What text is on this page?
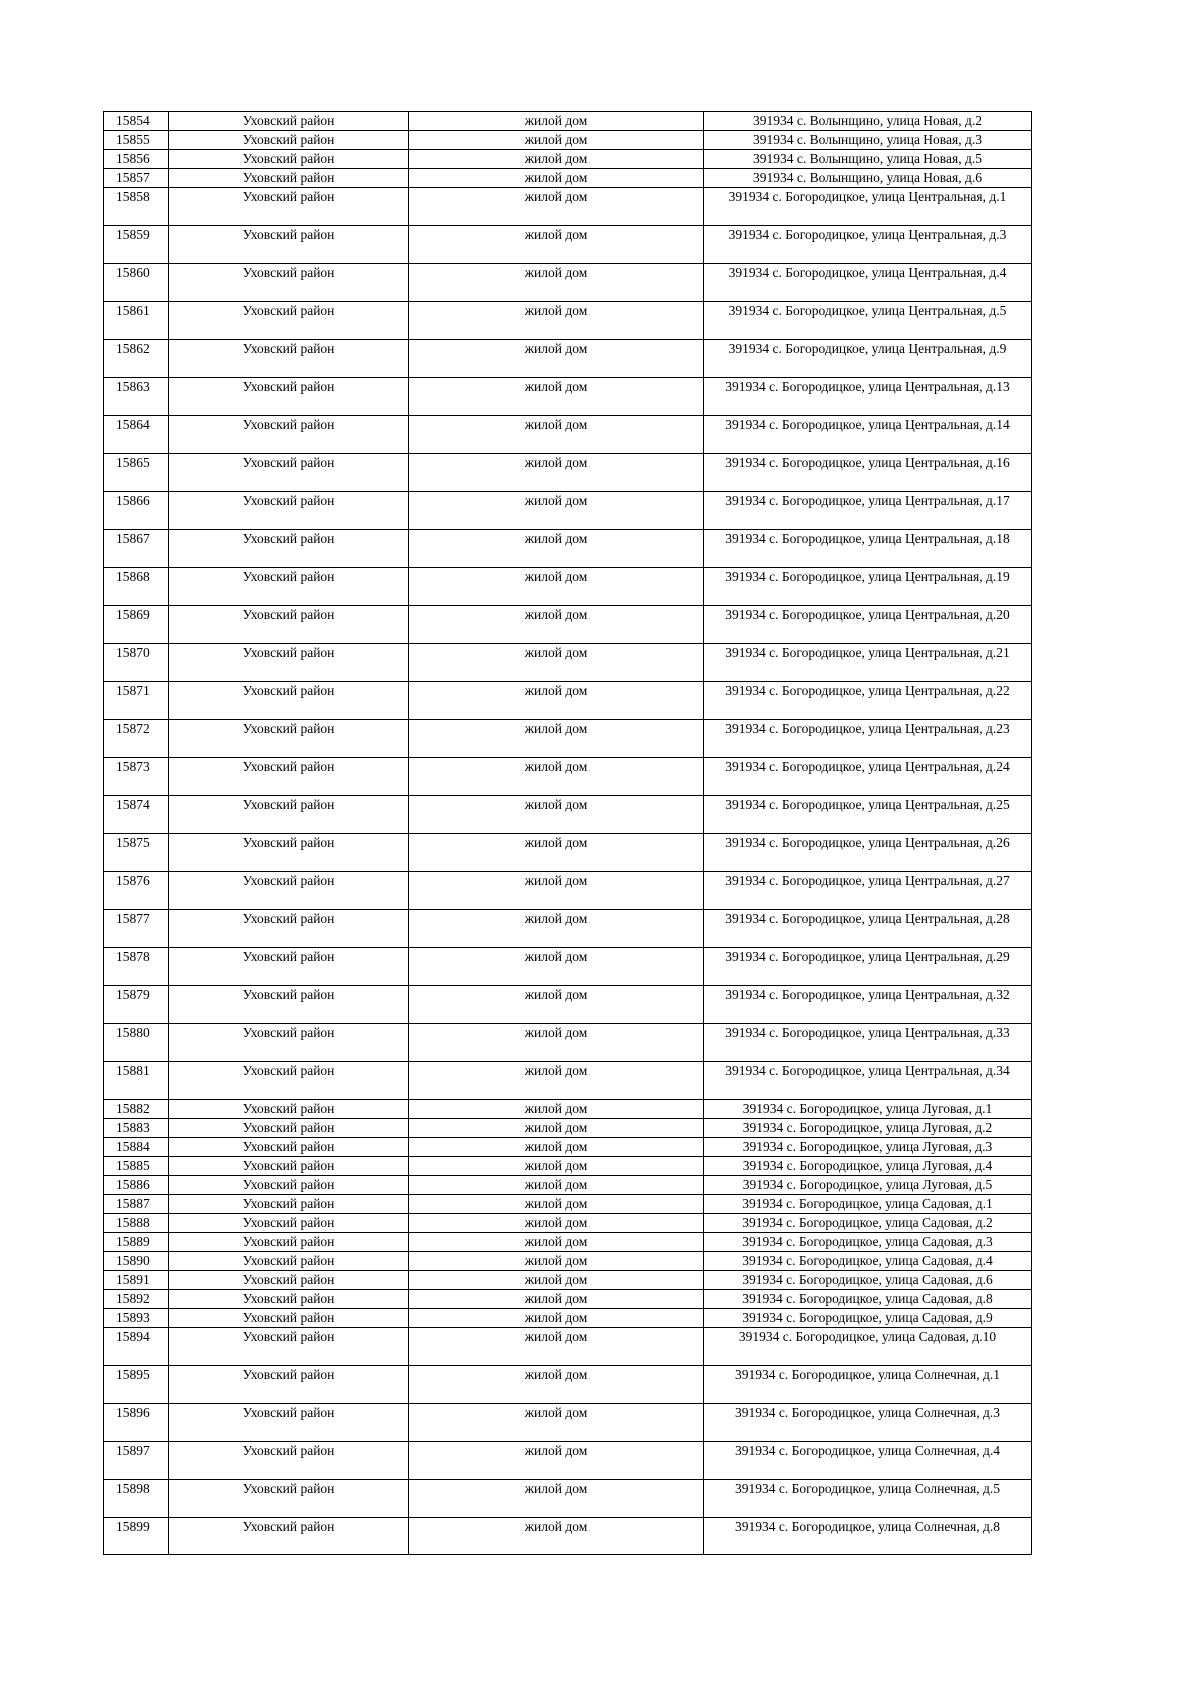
15854	Уховский район	жилой дом	391934 с. Волынщино, улица Новая, д.2
15855	Уховский район	жилой дом	391934 с. Волынщино, улица Новая, д.3
15856	Уховский район	жилой дом	391934 с. Волынщино, улица Новая, д.5
15857	Уховский район	жилой дом	391934 с. Волынщино, улица Новая, д.6
15858	Уховский район	жилой дом	391934 с. Богородицкое, улица Центральная, д.1
15859	Уховский район	жилой дом	391934 с. Богородицкое, улица Центральная, д.3
15860	Уховский район	жилой дом	391934 с. Богородицкое, улица Центральная, д.4
15861	Уховский район	жилой дом	391934 с. Богородицкое, улица Центральная, д.5
15862	Уховский район	жилой дом	391934 с. Богородицкое, улица Центральная, д.9
15863	Уховский район	жилой дом	391934 с. Богородицкое, улица Центральная, д.13
15864	Уховский район	жилой дом	391934 с. Богородицкое, улица Центральная, д.14
15865	Уховский район	жилой дом	391934 с. Богородицкое, улица Центральная, д.16
15866	Уховский район	жилой дом	391934 с. Богородицкое, улица Центральная, д.17
15867	Уховский район	жилой дом	391934 с. Богородицкое, улица Центральная, д.18
15868	Уховский район	жилой дом	391934 с. Богородицкое, улица Центральная, д.19
15869	Уховский район	жилой дом	391934 с. Богородицкое, улица Центральная, д.20
15870	Уховский район	жилой дом	391934 с. Богородицкое, улица Центральная, д.21
15871	Уховский район	жилой дом	391934 с. Богородицкое, улица Центральная, д.22
15872	Уховский район	жилой дом	391934 с. Богородицкое, улица Центральная, д.23
15873	Уховский район	жилой дом	391934 с. Богородицкое, улица Центральная, д.24
15874	Уховский район	жилой дом	391934 с. Богородицкое, улица Центральная, д.25
15875	Уховский район	жилой дом	391934 с. Богородицкое, улица Центральная, д.26
15876	Уховский район	жилой дом	391934 с. Богородицкое, улица Центральная, д.27
15877	Уховский район	жилой дом	391934 с. Богородицкое, улица Центральная, д.28
15878	Уховский район	жилой дом	391934 с. Богородицкое, улица Центральная, д.29
15879	Уховский район	жилой дом	391934 с. Богородицкое, улица Центральная, д.32
15880	Уховский район	жилой дом	391934 с. Богородицкое, улица Центральная, д.33
15881	Уховский район	жилой дом	391934 с. Богородицкое, улица Центральная, д.34
15882	Уховский район	жилой дом	391934 с. Богородицкое, улица Луговая, д.1
15883	Уховский район	жилой дом	391934 с. Богородицкое, улица Луговая, д.2
15884	Уховский район	жилой дом	391934 с. Богородицкое, улица Луговая, д.3
15885	Уховский район	жилой дом	391934 с. Богородицкое, улица Луговая, д.4
15886	Уховский район	жилой дом	391934 с. Богородицкое, улица Луговая, д.5
15887	Уховский район	жилой дом	391934 с. Богородицкое, улица Садовая, д.1
15888	Уховский район	жилой дом	391934 с. Богородицкое, улица Садовая, д.2
15889	Уховский район	жилой дом	391934 с. Богородицкое, улица Садовая, д.3
15890	Уховский район	жилой дом	391934 с. Богородицкое, улица Садовая, д.4
15891	Уховский район	жилой дом	391934 с. Богородицкое, улица Садовая, д.6
15892	Уховский район	жилой дом	391934 с. Богородицкое, улица Садовая, д.8
15893	Уховский район	жилой дом	391934 с. Богородицкое, улица Садовая, д.9
15894	Уховский район	жилой дом	391934 с. Богородицкое, улица Садовая, д.10
15895	Уховский район	жилой дом	391934 с. Богородицкое, улица Солнечная, д.1
15896	Уховский район	жилой дом	391934 с. Богородицкое, улица Солнечная, д.3
15897	Уховский район	жилой дом	391934 с. Богородицкое, улица Солнечная, д.4
15898	Уховский район	жилой дом	391934 с. Богородицкое, улица Солнечная, д.5
15899	Уховский район	жилой дом	391934 с. Богородицкое, улица Солнечная, д.8
